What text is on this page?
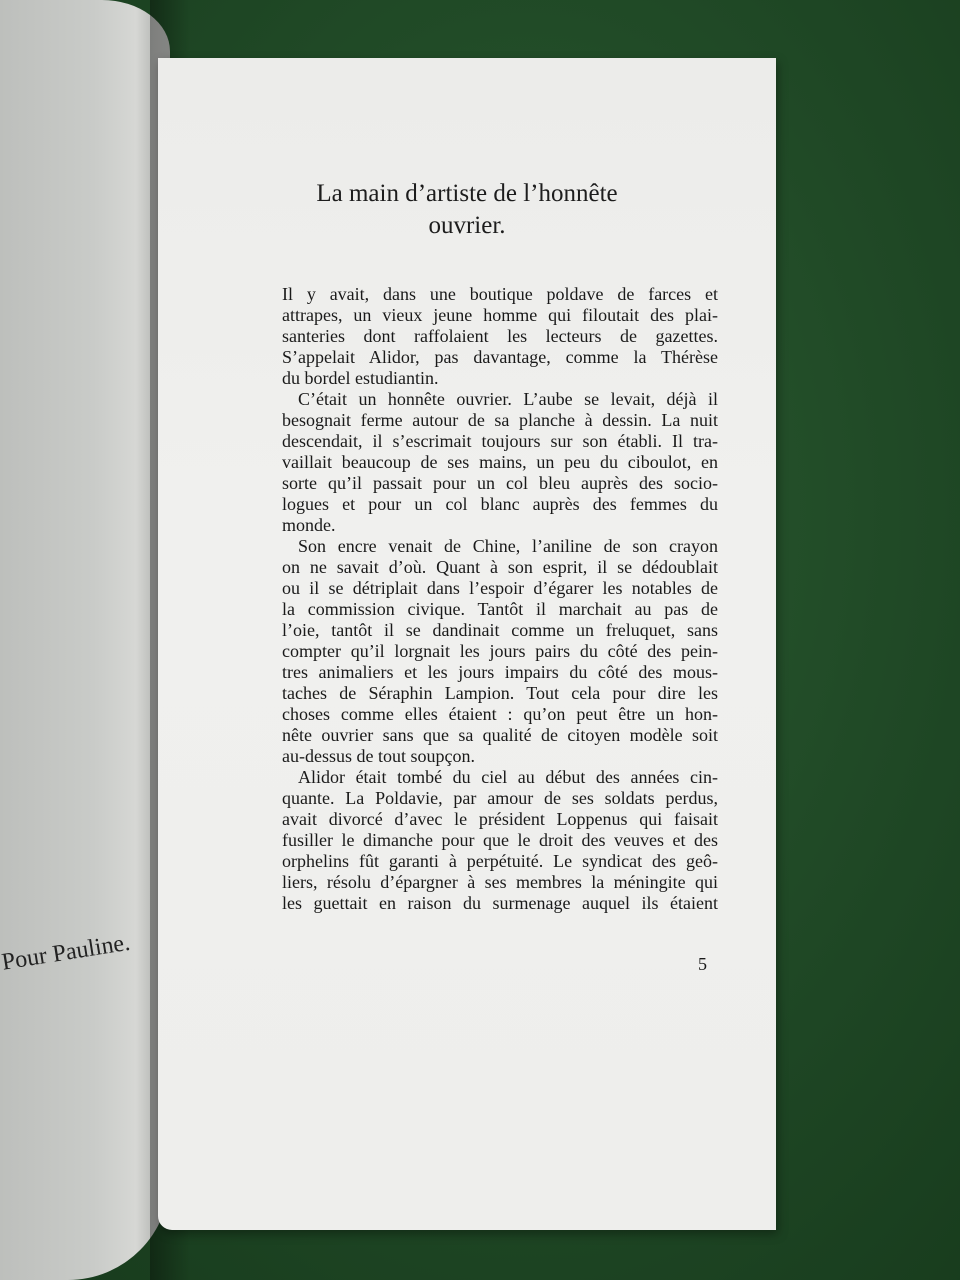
Pour Pauline.
La main d’artiste de l’honnête
ouvrier.
Il y avait, dans une boutique poldave de farces et
attrapes, un vieux jeune homme qui filoutait des plai-
santeries dont raffolaient les lecteurs de gazettes.
S’appelait Alidor, pas davantage, comme la Thérèse
du bordel estudiantin.
C’était un honnête ouvrier. L’aube se levait, déjà il
besognait ferme autour de sa planche à dessin. La nuit
descendait, il s’escrimait toujours sur son établi. Il tra-
vaillait beaucoup de ses mains, un peu du ciboulot, en
sorte qu’il passait pour un col bleu auprès des socio-
logues et pour un col blanc auprès des femmes du
monde.
Son encre venait de Chine, l’aniline de son crayon
on ne savait d’où. Quant à son esprit, il se dédoublait
ou il se détriplait dans l’espoir d’égarer les notables de
la commission civique. Tantôt il marchait au pas de
l’oie, tantôt il se dandinait comme un freluquet, sans
compter qu’il lorgnait les jours pairs du côté des pein-
tres animaliers et les jours impairs du côté des mous-
taches de Séraphin Lampion. Tout cela pour dire les
choses comme elles étaient : qu’on peut être un hon-
nête ouvrier sans que sa qualité de citoyen modèle soit
au-dessus de tout soupçon.
Alidor était tombé du ciel au début des années cin-
quante. La Poldavie, par amour de ses soldats perdus,
avait divorcé d’avec le président Loppenus qui faisait
fusiller le dimanche pour que le droit des veuves et des
orphelins fût garanti à perpétuité. Le syndicat des geô-
liers, résolu d’épargner à ses membres la méningite qui
les guettait en raison du surmenage auquel ils étaient
5
